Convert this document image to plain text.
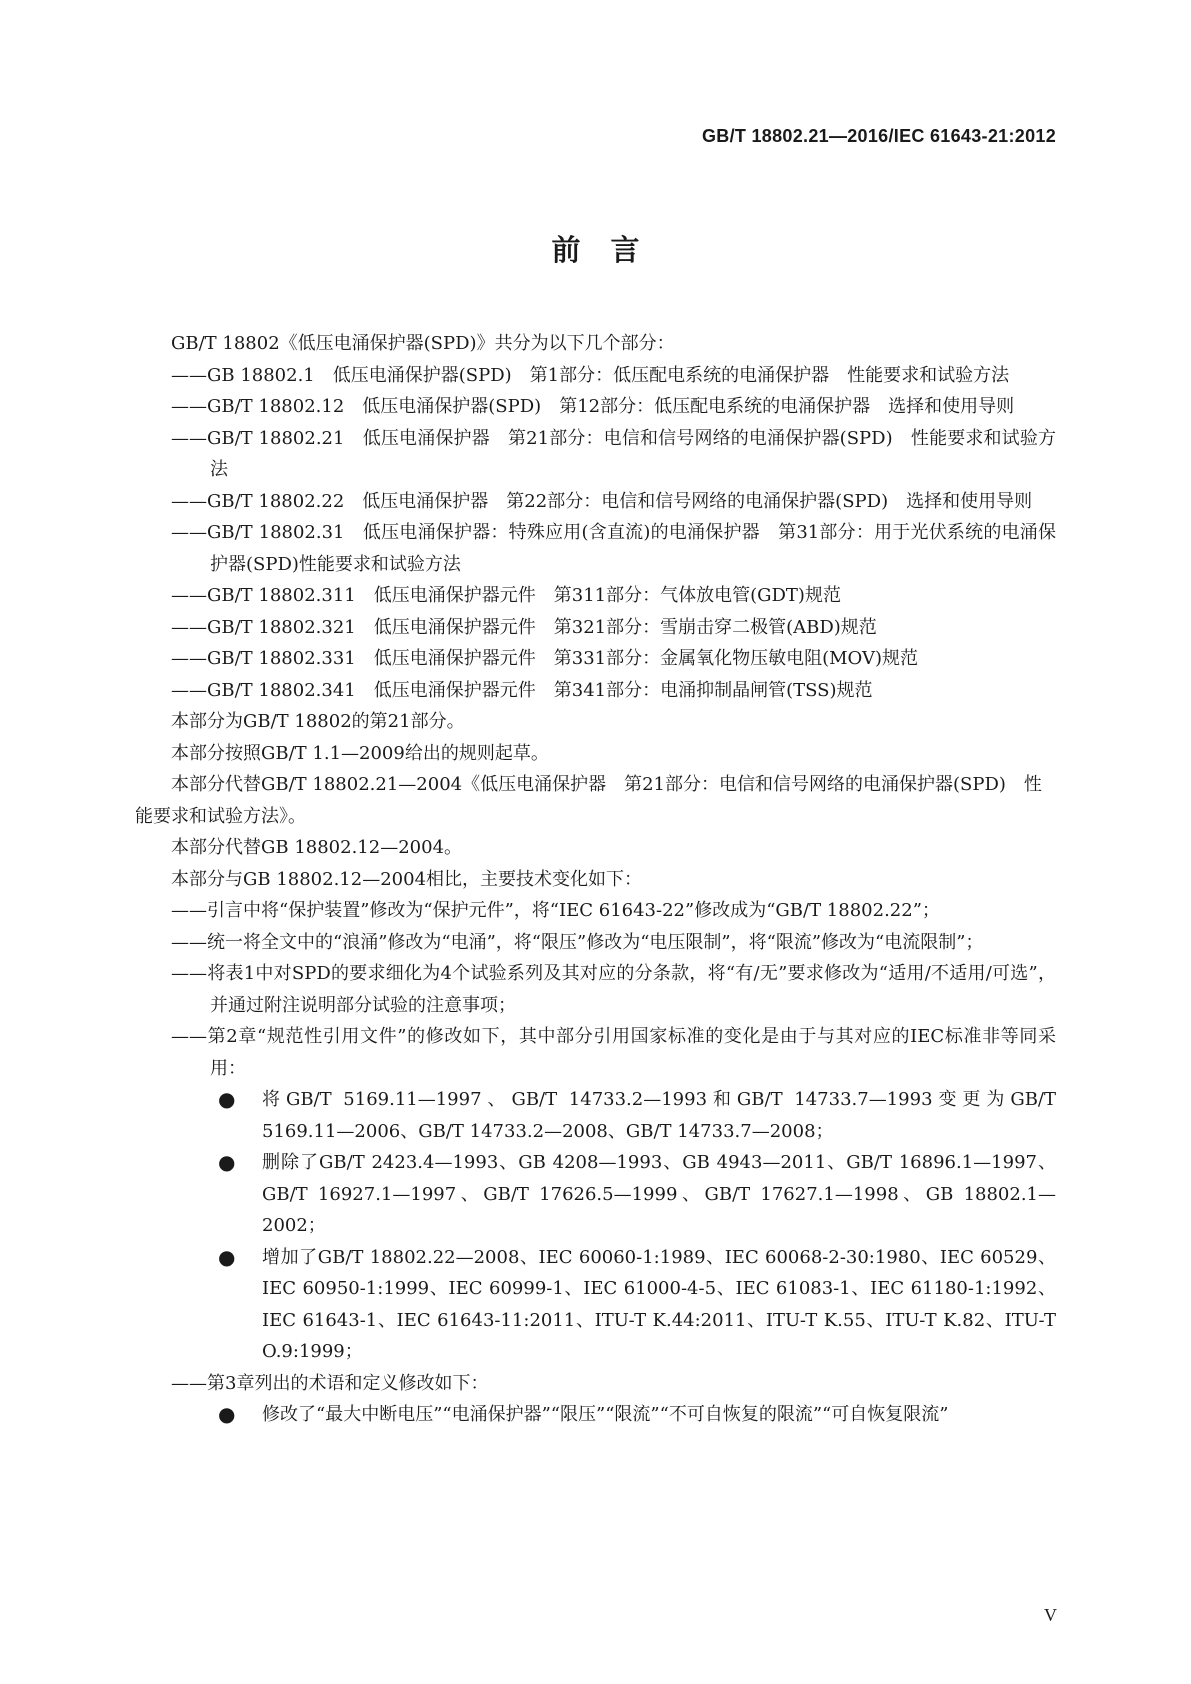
GB/T 18802.21—2016/IEC 61643-21:2012
前言

GB/T 18802《低压电涌保护器(SPD)》共分为以下几个部分：

——GB 18802.1　低压电涌保护器(SPD)　第1部分：低压配电系统的电涌保护器　性能要求和试验方法

——GB/T 18802.12　低压电涌保护器(SPD)　第12部分：低压配电系统的电涌保护器　选择和使用导则

——GB/T 18802.21　低压电涌保护器　第21部分：电信和信号网络的电涌保护器(SPD)　性能要求和试验方法

——GB/T 18802.22　低压电涌保护器　第22部分：电信和信号网络的电涌保护器(SPD)　选择和使用导则

——GB/T 18802.31　低压电涌保护器：特殊应用(含直流)的电涌保护器　第31部分：用于光伏系统的电涌保护器(SPD)性能要求和试验方法

——GB/T 18802.311　低压电涌保护器元件　第311部分：气体放电管(GDT)规范

——GB/T 18802.321　低压电涌保护器元件　第321部分：雪崩击穿二极管(ABD)规范

——GB/T 18802.331　低压电涌保护器元件　第331部分：金属氧化物压敏电阻(MOV)规范

——GB/T 18802.341　低压电涌保护器元件　第341部分：电涌抑制晶闸管(TSS)规范

本部分为GB/T 18802的第21部分。

本部分按照GB/T 1.1—2009给出的规则起草。

本部分代替GB/T 18802.21—2004《低压电涌保护器　第21部分：电信和信号网络的电涌保护器(SPD)　性能要求和试验方法》。

本部分代替GB 18802.12—2004。

本部分与GB 18802.12—2004相比，主要技术变化如下：

——引言中将“保护装置”修改为“保护元件”，将“IEC 61643-22”修改成为“GB/T 18802.22”；

——统一将全文中的“浪涌”修改为“电涌”，将“限压”修改为“电压限制”，将“限流”修改为“电流限制”；

——将表1中对SPD的要求细化为4个试验系列及其对应的分条款，将“有/无”要求修改为“适用/不适用/可选”，并通过附注说明部分试验的注意事项；

——第2章“规范性引用文件”的修改如下，其中部分引用国家标准的变化是由于与其对应的IEC标准非等同采用：

● 将GB/T 5169.11—1997、GB/T 14733.2—1993和GB/T 14733.7—1993变更为GB/T 5169.11—2006、GB/T 14733.2—2008、GB/T 14733.7—2008；

● 删除了GB/T 2423.4—1993、GB 4208—1993、GB 4943—2011、GB/T 16896.1—1997、GB/T 16927.1—1997、GB/T 17626.5—1999、GB/T 17627.1—1998、GB 18802.1—2002；

● 增加了GB/T 18802.22—2008、IEC 60060-1:1989、IEC 60068-2-30:1980、IEC 60529、IEC 60950-1:1999、IEC 60999-1、IEC 61000-4-5、IEC 61083-1、IEC 61180-1:1992、IEC 61643-1、IEC 61643-11:2011、ITU-T K.44:2011、ITU-T K.55、ITU-T K.82、ITU-T O.9:1999；

——第3章列出的术语和定义修改如下：

● 修改了“最大中断电压”“电涌保护器”“限压”“限流”“不可自恢复的限流”“可自恢复限流”

V
